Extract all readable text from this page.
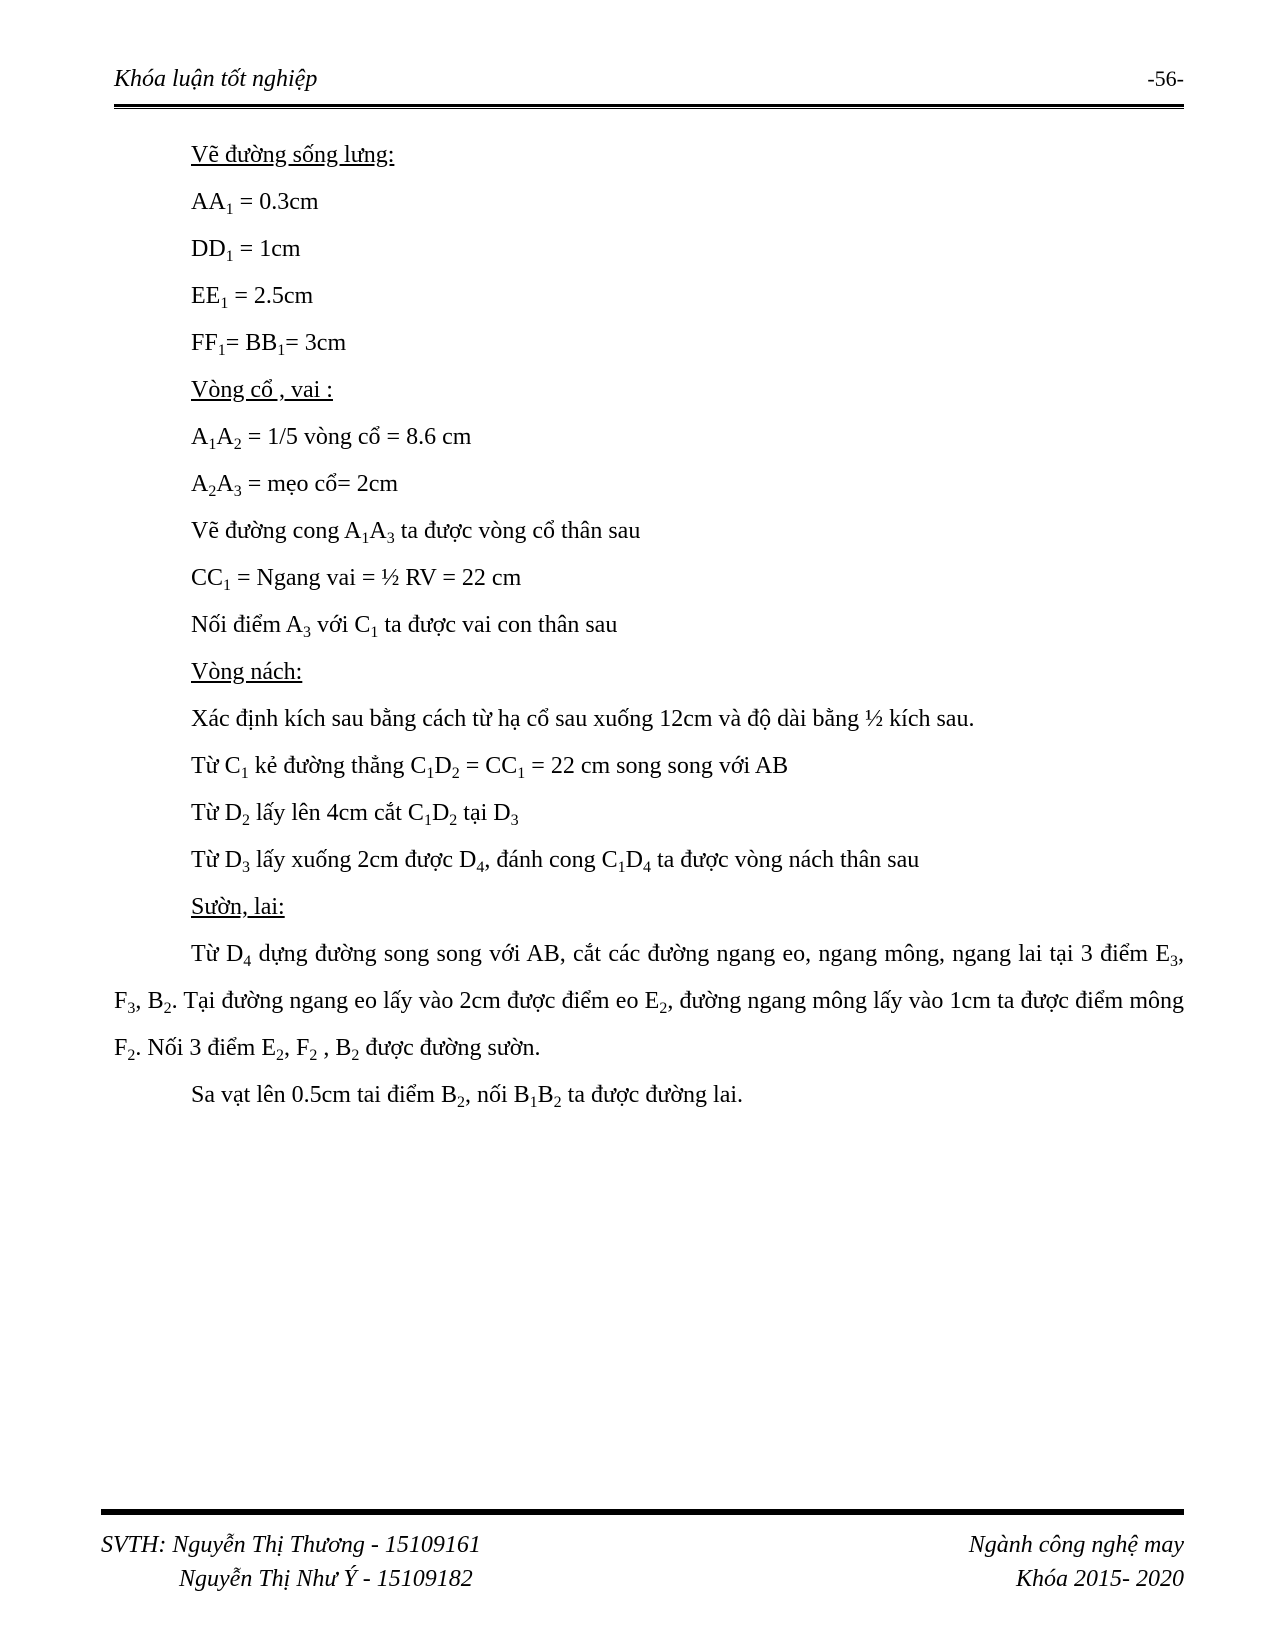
Khóa luận tốt nghiệp	-56-
Vẽ đường sống lưng:
$AA_1 = 0.3cm$
$DD_1 = 1cm$
$EE_1 = 2.5cm$
$FF_1= BB_1= 3cm$
Vòng cổ , vai :
$A_1A_2 = 1/5$ vòng cổ = 8.6 cm
$A_2A_3$ = mẹo cổ= 2cm
Vẽ đường cong $A_1A_3$ ta được vòng cổ thân sau
$CC_1$ = Ngang vai = ½ RV = 22 cm
Nối điểm $A_3$ với $C_1$ ta được vai con thân sau
Vòng nách:
Xác định kích sau bằng cách từ hạ cổ sau xuống 12cm và độ dài bằng ½ kích sau.
Từ $C_1$ kẻ đường thẳng $C_1D_2 = CC_1 = 22$ cm song song với AB
Từ $D_2$ lấy lên 4cm cắt $C_1D_2$ tại $D_3$
Từ $D_3$ lấy xuống 2cm được $D_4$, đánh cong $C_1D_4$ ta được vòng nách thân sau
Sườn, lai:
Từ $D_4$ dựng đường song song với AB, cắt các đường ngang eo, ngang mông, ngang lai tại 3 điểm $E_3$, $F_3$, $B_2$. Tại đường ngang eo lấy vào 2cm được điểm eo $E_2$, đường ngang mông lấy vào 1cm ta được điểm mông $F_2$. Nối 3 điểm $E_2$, $F_2$ , $B_2$ được đường sườn.
Sa vạt lên 0.5cm tai điểm $B_2$, nối $B_1B_2$ ta được đường lai.
SVTH: Nguyễn Thị Thương - 15109161
Nguyễn Thị Như Ý - 15109182
Ngành công nghệ may
Khóa 2015- 2020
